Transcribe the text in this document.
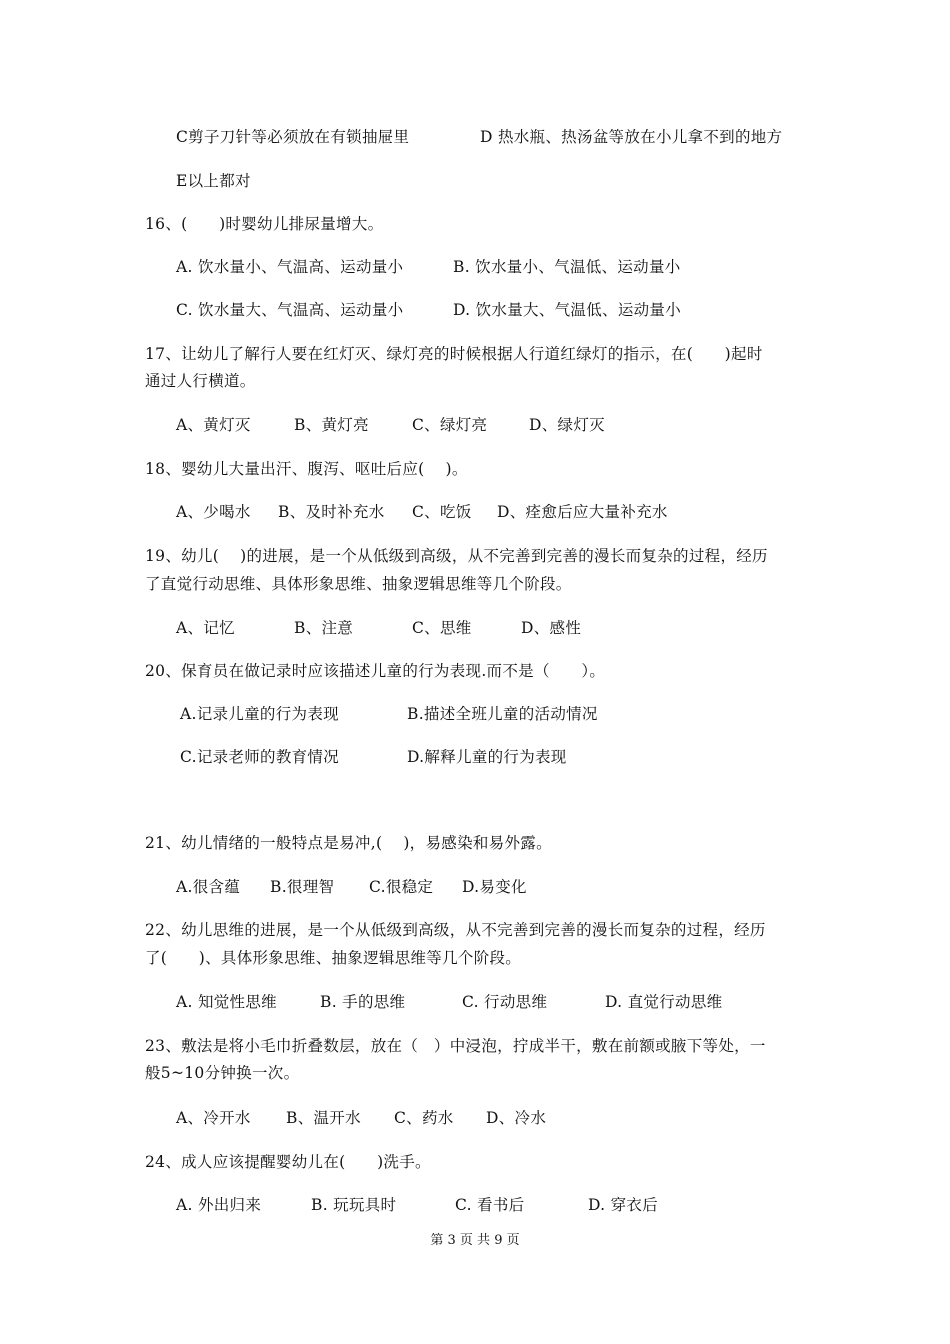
C剪子刀针等必须放在有锁抽屉里	D 热水瓶、热汤盆等放在小儿拿不到的地方
E以上都对
16、(　　)时婴幼儿排尿量增大。
A. 饮水量小、气温高、运动量小	B. 饮水量小、气温低、运动量小
C. 饮水量大、气温高、运动量小	D. 饮水量大、气温低、运动量小
17、让幼儿了解行人要在红灯灭、绿灯亮的时候根据人行道红绿灯的指示，在(　　)起时
通过人行横道。
A、黄灯灭	B、黄灯亮	C、绿灯亮	D、绿灯灭
18、婴幼儿大量出汗、腹泻、呕吐后应(　 )。
A、少喝水 B、及时补充水 C、吃饭 D、痊愈后应大量补充水
19、幼儿(　 )的进展，是一个从低级到高级，从不完善到完善的漫长而复杂的过程，经历
了直觉行动思维、具体形象思维、抽象逻辑思维等几个阶段。
A、记忆	B、注意	C、思维	D、感性
20、保育员在做记录时应该描述儿童的行为表现.而不是（　　）。
A.记录儿童的行为表现	B.描述全班儿童的活动情况
C.记录老师的教育情况	D.解释儿童的行为表现
21、幼儿情绪的一般特点是易冲,(　 )，易感染和易外露。
A.很含蕴 B.很理智 C.很稳定 D.易变化
22、幼儿思维的进展，是一个从低级到高级，从不完善到完善的漫长而复杂的过程，经历
了(　　)、具体形象思维、抽象逻辑思维等几个阶段。
A. 知觉性思维	B. 手的思维	C. 行动思维	D. 直觉行动思维
23、敷法是将小毛巾折叠数层，放在（　）中浸泡，拧成半干，敷在前额或腋下等处，一
般5~10分钟换一次。
A、冷开水 B、温开水 C、药水 D、冷水
24、成人应该提醒婴幼儿在(　　)洗手。
A. 外出归来	B. 玩玩具时	C. 看书后	D. 穿衣后
第 3 页 共 9 页
